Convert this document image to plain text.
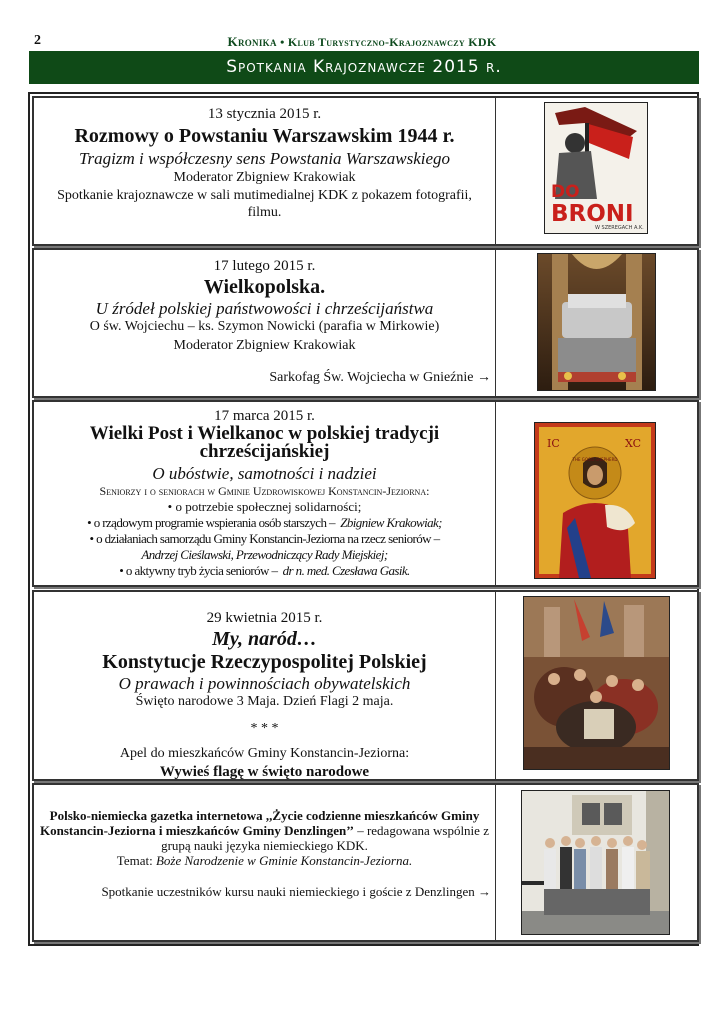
2	Kronika • Klub Turystyczno-Krajoznawczy KDK
Spotkania Krajoznawcze 2015 r.
13 stycznia 2015 r.
Rozmowy o Powstaniu Warszawskim 1944 r.
Tragizm i współczesny sens Powstania Warszawskiego
Moderator Zbigniew Krakowiak
Spotkanie krajoznawcze w sali mutimedialnej KDK z pokazem fotografii, filmu.
DO
BRONI
W SZEREGACH A.K.
17 lutego 2015 r.
Wielkopolska.
U źródeł polskiej państwowości i chrześcijaństwa
O św. Wojciechu – ks. Szymon Nowicki (parafia w Mirkowie)
Moderator Zbigniew Krakowiak
Sarkofag Św. Wojciecha w Gnieźnie →
17 marca 2015 r.
Wielki Post i Wielkanoc w polskiej tradycji chrześcijańskiej
O ubóstwie, samotności i nadziei
Seniorzy i o seniorach w Gminie Uzdrowiskowej Konstancin-Jeziorna:
• o potrzebie społecznej solidarności;
• o rządowym programie wspierania osób starszych – Zbigniew Krakowiak;
• o działaniach samorządu Gminy Konstancin-Jeziorna na rzecz seniorów –
Andrzej Cieślawski, Przewodniczący Rady Miejskiej;
• o aktywny tryb życia seniorów – dr n. med. Czesława Gasik.
IC	XC
THE GOOD SHEPHERD
29 kwietnia 2015 r.
My, naród…
Konstytucje Rzeczypospolitej Polskiej
O prawach i powinnościach obywatelskich
Święto narodowe 3 Maja. Dzień Flagi 2 maja.
* * *
Apel do mieszkańców Gminy Konstancin-Jeziorna:
Wywieś flagę w święto narodowe
Polsko-niemiecka gazetka internetowa ,,Życie codzienne mieszkańców Gminy Konstancin-Jeziorna i mieszkańców Gminy Denzlingen’’ – redagowana wspólnie z grupą nauki języka niemieckiego KDK.
Temat: Boże Narodzenie w Gminie Konstancin-Jeziorna.
Spotkanie uczestników kursu nauki niemieckiego i goście z Denzlingen →
